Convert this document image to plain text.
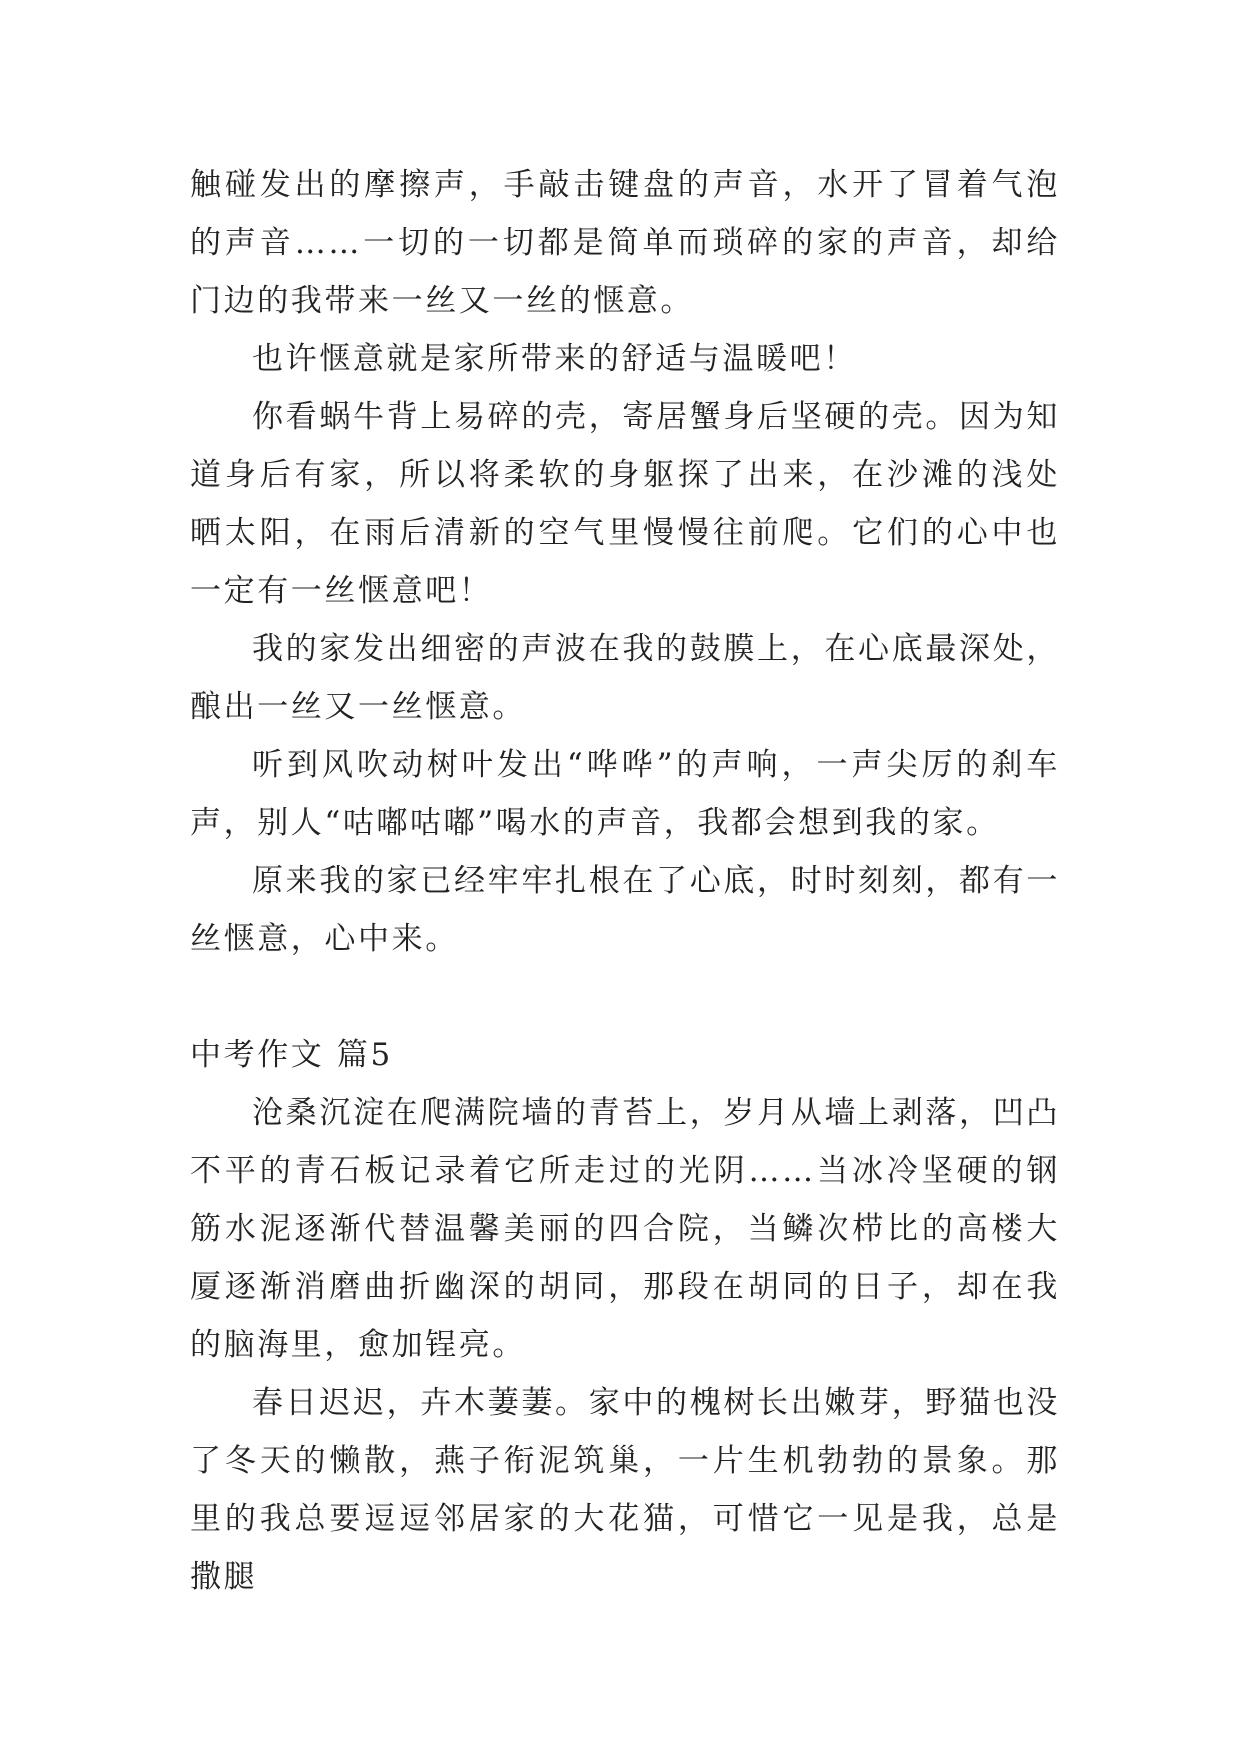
触碰发出的摩擦声，手敲击键盘的声音，水开了冒着气泡的声音……一切的一切都是简单而琐碎的家的声音，却给门边的我带来一丝又一丝的惬意。

也许惬意就是家所带来的舒适与温暖吧！

你看蜗牛背上易碎的壳，寄居蟹身后坚硬的壳。因为知道身后有家，所以将柔软的身躯探了出来，在沙滩的浅处晒太阳，在雨后清新的空气里慢慢往前爬。它们的心中也一定有一丝惬意吧！

我的家发出细密的声波在我的鼓膜上，在心底最深处，酿出一丝又一丝惬意。

听到风吹动树叶发出“哗哗”的声响，一声尖厉的刹车声，别人“咕嘟咕嘟”喝水的声音，我都会想到我的家。

原来我的家已经牢牢扎根在了心底，时时刻刻，都有一丝惬意，心中来。

中考作文 篇5

沧桑沉淀在爬满院墙的青苔上，岁月从墙上剥落，凹凸不平的青石板记录着它所走过的光阴……当冰冷坚硬的钢筋水泥逐渐代替温馨美丽的四合院，当鳞次栉比的高楼大厦逐渐消磨曲折幽深的胡同，那段在胡同的日子，却在我的脑海里，愈加锃亮。

春日迟迟，卉木萋萋。家中的槐树长出嫩芽，野猫也没了冬天的懒散，燕子衔泥筑巢，一片生机勃勃的景象。那里的我总要逗逗邻居家的大花猫，可惜它一见是我，总是撒腿
